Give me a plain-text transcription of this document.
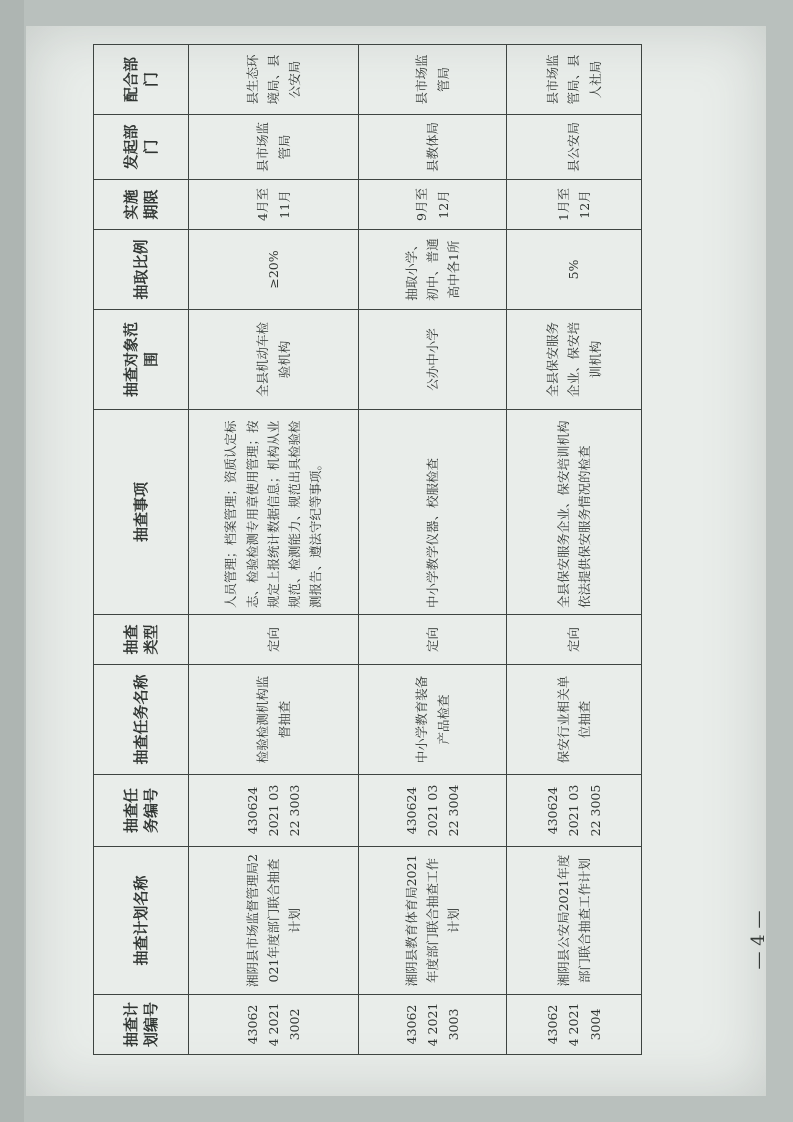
抽查计划编号	抽查计划名称	抽查任务编号	抽查任务名称	抽查类型	抽查事项	抽查对象范围	抽取比例	实施期限	发起部门	配合部门
430624 2021 3002	湘阴县市场监督管理局2021年度部门联合抽查计划	430624 2021 0322 3003	检验检测机构监督抽查	定向	人员管理；档案管理；资质认定标志、检验检测专用章使用管理；按规定上报统计数据信息；机构从业规范、检测能力、规范出具检验检测报告、遵法守纪等事项。	全县机动车检验机构	≥20%	4月至11月	县市场监管局	县生态环境局、县公安局
430624 2021 3003	湘阴县教育体育局2021年度部门联合抽查工作计划	430624 2021 0322 3004	中小学教育装备产品检查	定向	中小学教学仪器、校服检查	公办中小学	抽取小学、初中、普通高中各1所	9月至12月	县教体局	县市场监管局
430624 2021 3004	湘阴县公安局2021年度部门联合抽查工作计划	430624 2021 0322 3005	保安行业相关单位抽查	定向	全县保安服务企业、保安培训机构依法提供保安服务情况的检查	全县保安服务企业、保安培训机构	5%	1月至12月	县公安局	县市场监管局、县人社局
— 4 —
